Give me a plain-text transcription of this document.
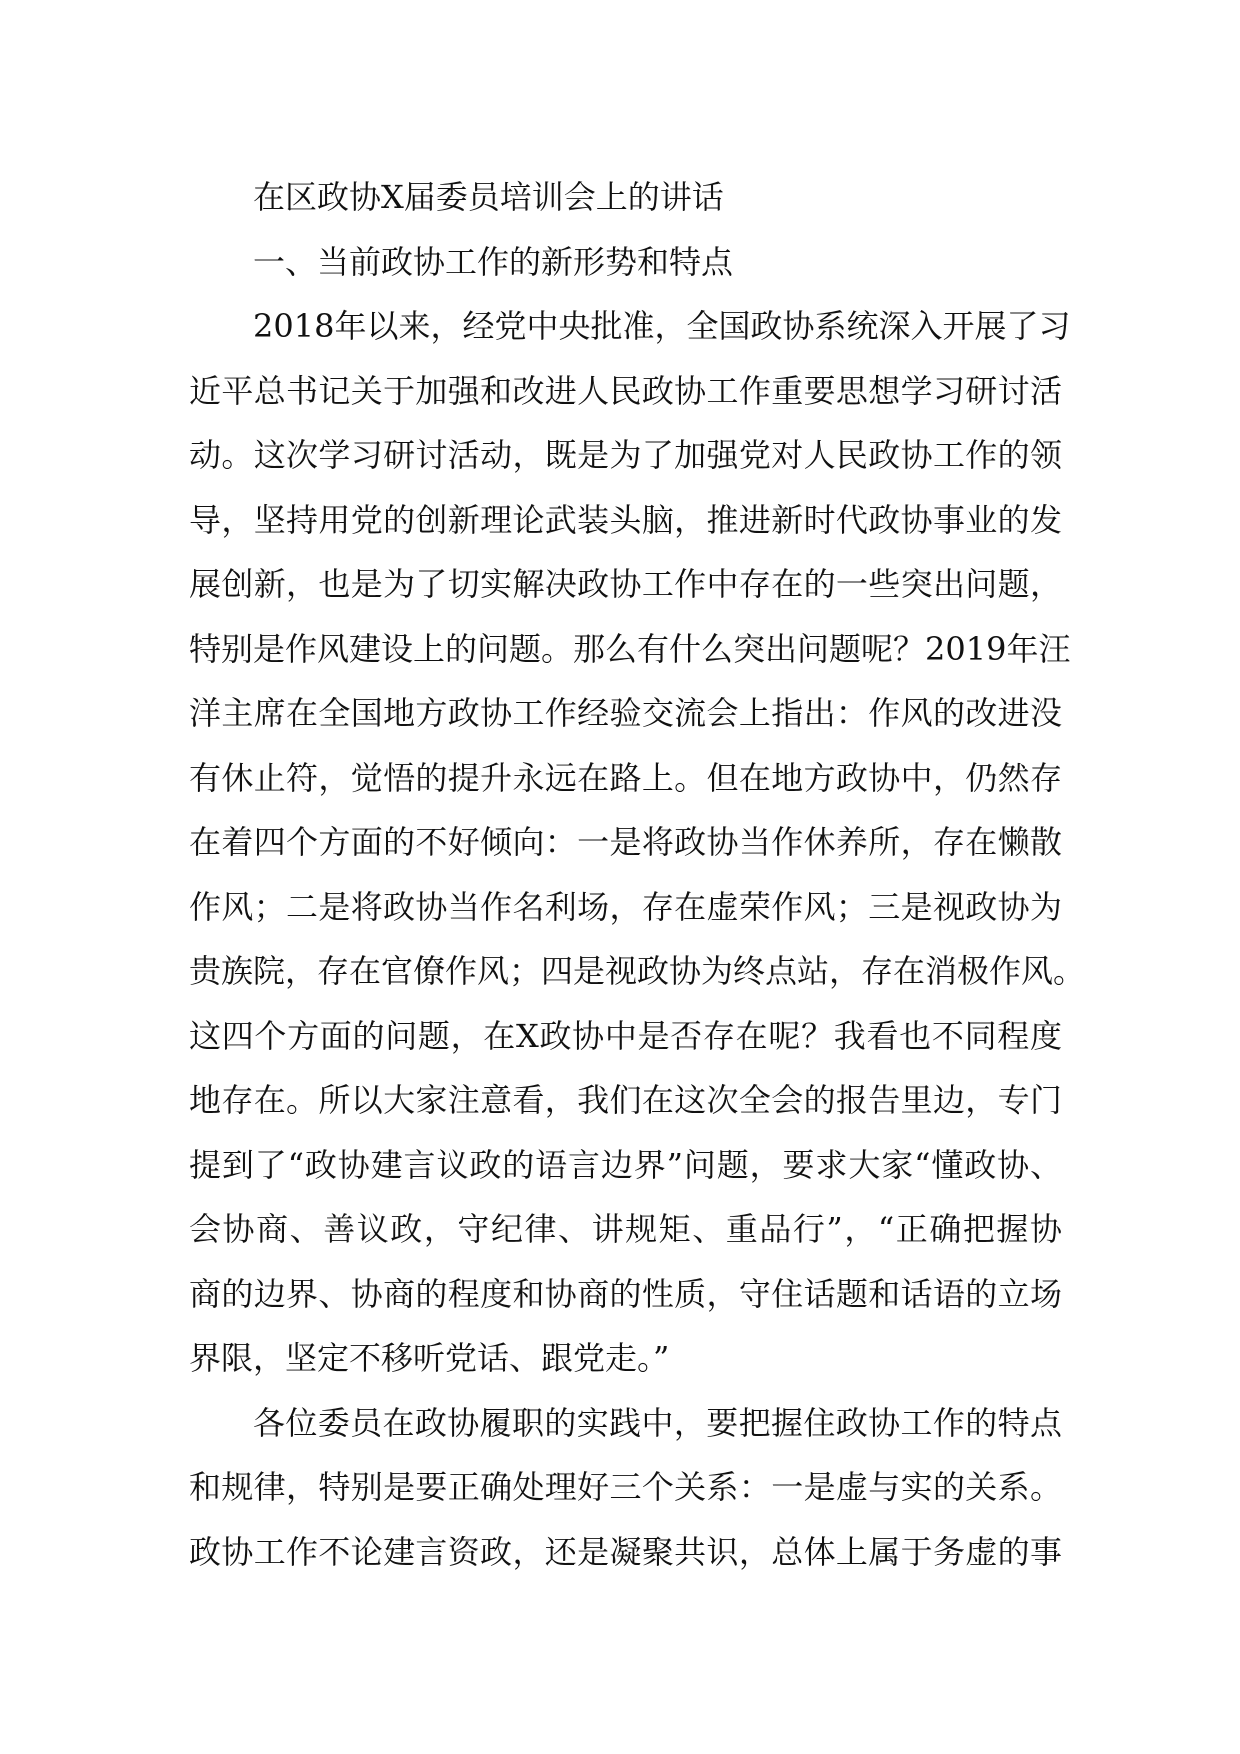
在区政协X届委员培训会上的讲话

一、当前政协工作的新形势和特点

2018年以来，经党中央批准，全国政协系统深入开展了习
近平总书记关于加强和改进人民政协工作重要思想学习研讨活
动。这次学习研讨活动，既是为了加强党对人民政协工作的领
导，坚持用党的创新理论武装头脑，推进新时代政协事业的发
展创新，也是为了切实解决政协工作中存在的一些突出问题，
特别是作风建设上的问题。那么有什么突出问题呢？2019年汪
洋主席在全国地方政协工作经验交流会上指出：作风的改进没
有休止符，觉悟的提升永远在路上。但在地方政协中，仍然存
在着四个方面的不好倾向：一是将政协当作休养所，存在懒散
作风；二是将政协当作名利场，存在虚荣作风；三是视政协为
贵族院，存在官僚作风；四是视政协为终点站，存在消极作风。
这四个方面的问题，在X政协中是否存在呢？我看也不同程度
地存在。所以大家注意看，我们在这次全会的报告里边，专门
提到了“政协建言议政的语言边界”问题，要求大家“懂政协、
会协商、善议政，守纪律、讲规矩、重品行”，“正确把握协
商的边界、协商的程度和协商的性质，守住话题和话语的立场
界限，坚定不移听党话、跟党走。”

各位委员在政协履职的实践中，要把握住政协工作的特点
和规律，特别是要正确处理好三个关系：一是虚与实的关系。
政协工作不论建言资政，还是凝聚共识，总体上属于务虚的事
